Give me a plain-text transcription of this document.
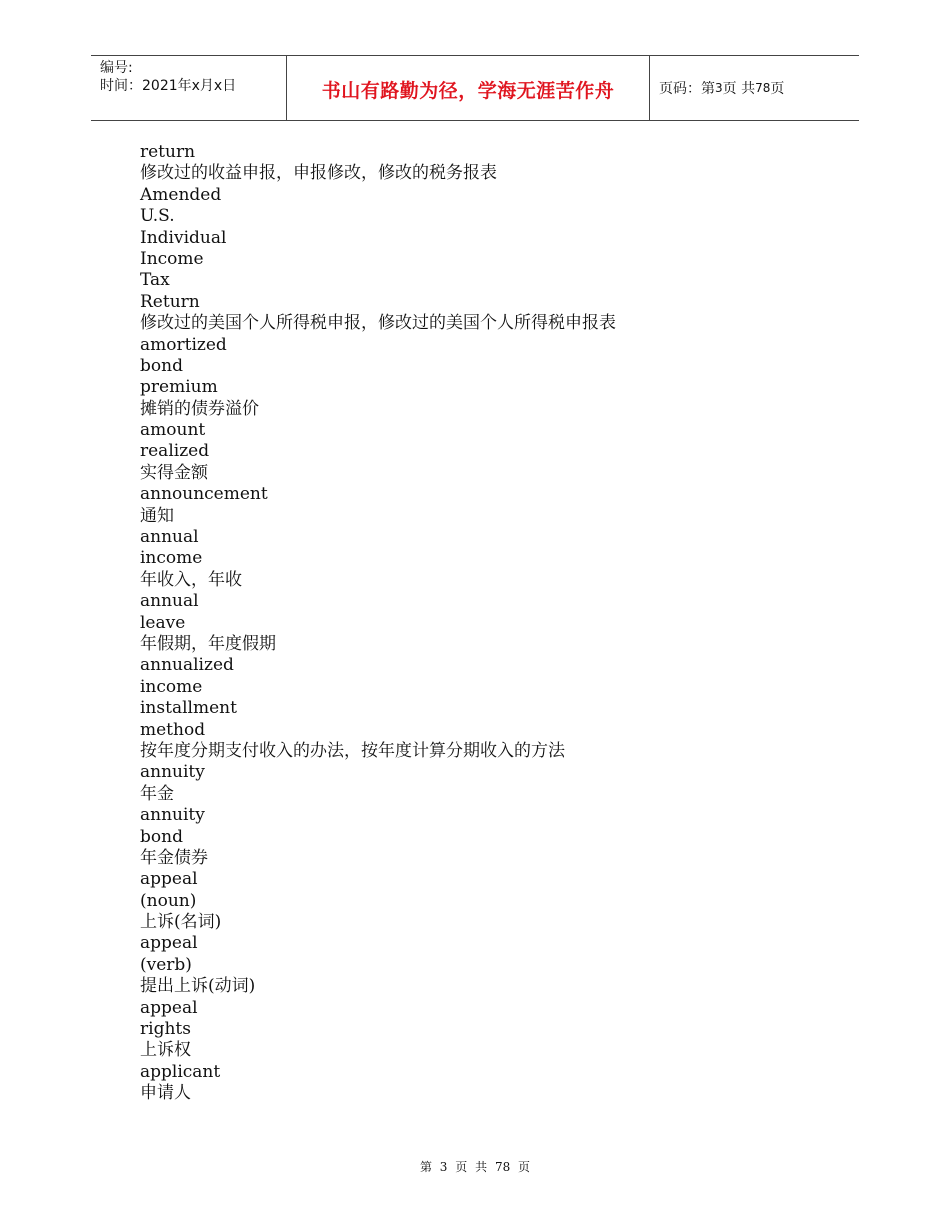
编号:
时间：2021年x月x日	书山有路勤为径，学海无涯苦作舟	页码：第 3 页 共 78 页
return
修改过的收益申报，申报修改，修改的税务报表
Amended
U.S.
Individual
Income
Tax
Return
修改过的美国个人所得税申报，修改过的美国个人所得税申报表
amortized
bond
premium
摊销的债券溢价
amount
realized
实得金额
announcement
通知
annual
income
年收入，年收
annual
leave
年假期，年度假期
annualized
income
installment
method
按年度分期支付收入的办法，按年度计算分期收入的方法
annuity
年金
annuity
bond
年金债券
appeal
(noun)
上诉(名词)
appeal
(verb)
提出上诉(动词)
appeal
rights
上诉权
applicant
申请人
第 3 页 共 78 页
